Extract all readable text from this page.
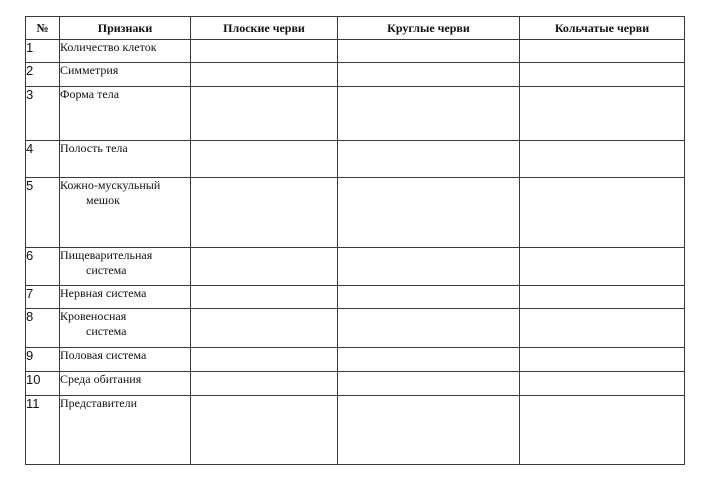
№	Признаки	Плоские черви	Круглые черви	Кольчатые черви
1	Количество клеток			
2	Симметрия			
3	Форма тела			
4	Полость тела			
5	Кожно-мускульный
мешок			

6	Пищеварительная
система			

7	Нервная система			
8	Кровеносная
система			

9	Половая система			
10	Среда обитания			
11	Представители			
